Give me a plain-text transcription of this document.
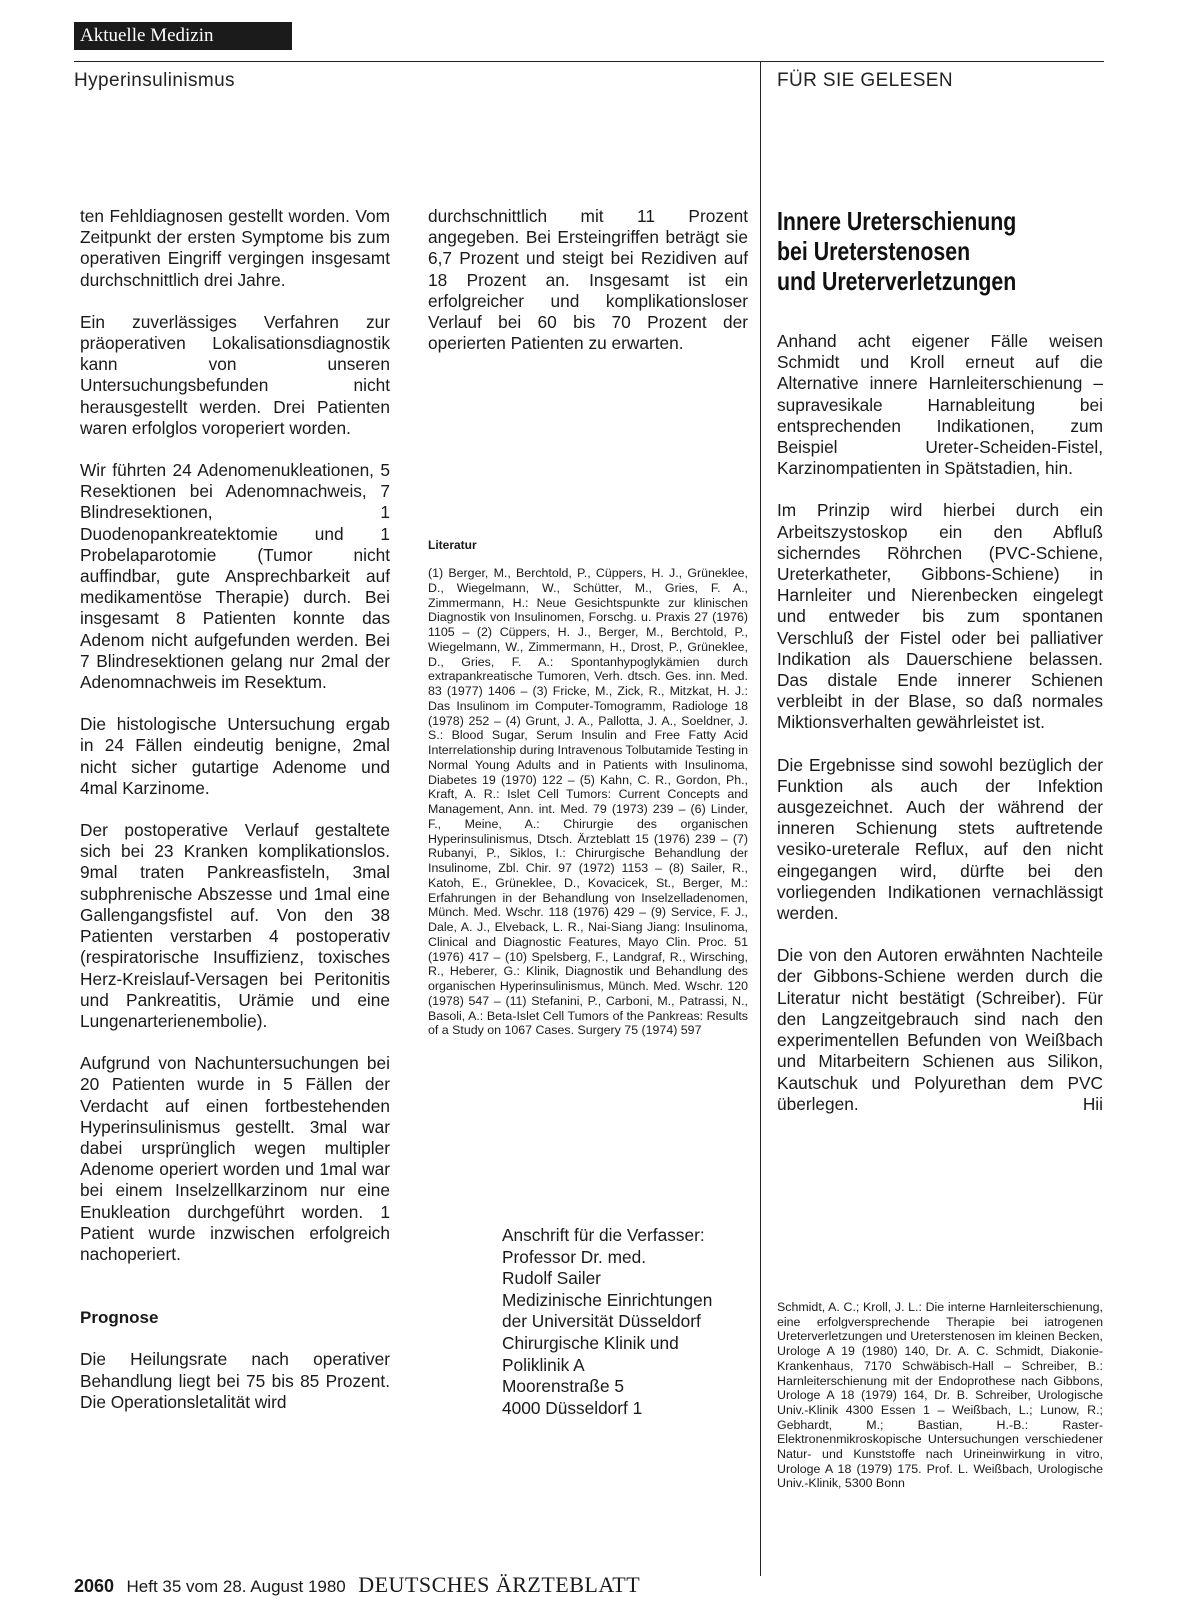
Aktuelle Medizin
Hyperinsulinismus	FÜR SIE GELESEN

ten Fehldiagnosen gestellt worden. Vom Zeitpunkt der ersten Symptome bis zum operativen Eingriff vergingen insgesamt durchschnittlich drei Jahre.

Ein zuverlässiges Verfahren zur präoperativen Lokalisationsdiagnostik kann von unseren Untersuchungsbefunden nicht herausgestellt werden. Drei Patienten waren erfolglos voroperiert worden.

Wir führten 24 Adenomenukleationen, 5 Resektionen bei Adenomnachweis, 7 Blindresektionen, 1 Duodenopankreatektomie und 1 Probelaparotomie (Tumor nicht auffindbar, gute Ansprechbarkeit auf medikamentöse Therapie) durch. Bei insgesamt 8 Patienten konnte das Adenom nicht aufgefunden werden. Bei 7 Blindresektionen gelang nur 2mal der Adenomnachweis im Resektum.

Die histologische Untersuchung ergab in 24 Fällen eindeutig benigne, 2mal nicht sicher gutartige Adenome und 4mal Karzinome.

Der postoperative Verlauf gestaltete sich bei 23 Kranken komplikationslos. 9mal traten Pankreasfisteln, 3mal subphrenische Abszesse und 1mal eine Gallengangsfistel auf. Von den 38 Patienten verstarben 4 postoperativ (respiratorische Insuffizienz, toxisches Herz-Kreislauf-Versagen bei Peritonitis und Pankreatitis, Urämie und eine Lungenarterienembolie).

Aufgrund von Nachuntersuchungen bei 20 Patienten wurde in 5 Fällen der Verdacht auf einen fortbestehenden Hyperinsulinismus gestellt. 3mal war dabei ursprünglich wegen multipler Adenome operiert worden und 1mal war bei einem Inselzellkarzinom nur eine Enukleation durchgeführt worden. 1 Patient wurde inzwischen erfolgreich nachoperiert.

Prognose

Die Heilungsrate nach operativer Behandlung liegt bei 75 bis 85 Prozent. Die Operationsletalität wird

durchschnittlich mit 11 Prozent angegeben. Bei Ersteingriffen beträgt sie 6,7 Prozent und steigt bei Rezidiven auf 18 Prozent an. Insgesamt ist ein erfolgreicher und komplikationsloser Verlauf bei 60 bis 70 Prozent der operierten Patienten zu erwarten.

Literatur

(1) Berger, M., Berchtold, P., Cüppers, H. J., Grüneklee, D., Wiegelmann, W., Schütter, M., Gries, F. A., Zimmermann, H.: Neue Gesichtspunkte zur klinischen Diagnostik von Insulinomen, Forschg. u. Praxis 27 (1976) 1105 – (2) Cüppers, H. J., Berger, M., Berchtold, P., Wiegelmann, W., Zimmermann, H., Drost, P., Grüneklee, D., Gries, F. A.: Spontanhypoglykämien durch extrapankreatische Tumoren, Verh. dtsch. Ges. inn. Med. 83 (1977) 1406 – (3) Fricke, M., Zick, R., Mitzkat, H. J.: Das Insulinom im Computer-Tomogramm, Radiologe 18 (1978) 252 – (4) Grunt, J. A., Pallotta, J. A., Soeldner, J. S.: Blood Sugar, Serum Insulin and Free Fatty Acid Interrelationship during Intravenous Tolbutamide Testing in Normal Young Adults and in Patients with Insulinoma, Diabetes 19 (1970) 122 – (5) Kahn, C. R., Gordon, Ph., Kraft, A. R.: Islet Cell Tumors: Current Concepts and Management, Ann. int. Med. 79 (1973) 239 – (6) Linder, F., Meine, A.: Chirurgie des organischen Hyperinsulinismus, Dtsch. Ärzteblatt 15 (1976) 239 – (7) Rubanyi, P., Siklos, I.: Chirurgische Behandlung der Insulinome, Zbl. Chir. 97 (1972) 1153 – (8) Sailer, R., Katoh, E., Grüneklee, D., Kovacicek, St., Berger, M.: Erfahrungen in der Behandlung von Inselzelladenomen, Münch. Med. Wschr. 118 (1976) 429 – (9) Service, F. J., Dale, A. J., Elveback, L. R., Nai-Siang Jiang: Insulinoma, Clinical and Diagnostic Features, Mayo Clin. Proc. 51 (1976) 417 – (10) Spelsberg, F., Landgraf, R., Wirsching, R., Heberer, G.: Klinik, Diagnostik und Behandlung des organischen Hyperinsulinismus, Münch. Med. Wschr. 120 (1978) 547 – (11) Stefanini, P., Carboni, M., Patrassi, N., Basoli, A.: Beta-Islet Cell Tumors of the Pankreas: Results of a Study on 1067 Cases. Surgery 75 (1974) 597

Anschrift für die Verfasser:
Professor Dr. med.
Rudolf Sailer
Medizinische Einrichtungen
der Universität Düsseldorf
Chirurgische Klinik und
Poliklinik A
Moorenstraße 5
4000 Düsseldorf 1
Innere Ureterschienung
bei Ureterstenosen
und Ureterverletzungen

Anhand acht eigener Fälle weisen Schmidt und Kroll erneut auf die Alternative innere Harnleiterschienung – supravesikale Harnableitung bei entsprechenden Indikationen, zum Beispiel Ureter-Scheiden-Fistel, Karzinompatienten in Spätstadien, hin.

Im Prinzip wird hierbei durch ein Arbeitszystoskop ein den Abfluß sicherndes Röhrchen (PVC-Schiene, Ureterkatheter, Gibbons-Schiene) in Harnleiter und Nierenbecken eingelegt und entweder bis zum spontanen Verschluß der Fistel oder bei palliativer Indikation als Dauerschiene belassen. Das distale Ende innerer Schienen verbleibt in der Blase, so daß normales Miktionsverhalten gewährleistet ist.

Die Ergebnisse sind sowohl bezüglich der Funktion als auch der Infektion ausgezeichnet. Auch der während der inneren Schienung stets auftretende vesiko-ureterale Reflux, auf den nicht eingegangen wird, dürfte bei den vorliegenden Indikationen vernachlässigt werden.

Die von den Autoren erwähnten Nachteile der Gibbons-Schiene werden durch die Literatur nicht bestätigt (Schreiber). Für den Langzeitgebrauch sind nach den experimentellen Befunden von Weißbach und Mitarbeitern Schienen aus Silikon, Kautschuk und Polyurethan dem PVC überlegen.	Hii

Schmidt, A. C.; Kroll, J. L.: Die interne Harnleiterschienung, eine erfolgversprechende Therapie bei iatrogenen Ureterverletzungen und Ureterstenosen im kleinen Becken, Urologe A 19 (1980) 140, Dr. A. C. Schmidt, Diakonie-Krankenhaus, 7170 Schwäbisch-Hall – Schreiber, B.: Harnleiterschienung mit der Endoprothese nach Gibbons, Urologe A 18 (1979) 164, Dr. B. Schreiber, Urologische Univ.-Klinik 4300 Essen 1 – Weißbach, L.; Lunow, R.; Gebhardt, M.; Bastian, H.-B.: Raster-Elektronenmikroskopische Untersuchungen verschiedener Natur- und Kunststoffe nach Urineinwirkung in vitro, Urologe A 18 (1979) 175. Prof. L. Weißbach, Urologische Univ.-Klinik, 5300 Bonn

2060 Heft 35 vom 28. August 1980 DEUTSCHES ÄRZTEBLATT
